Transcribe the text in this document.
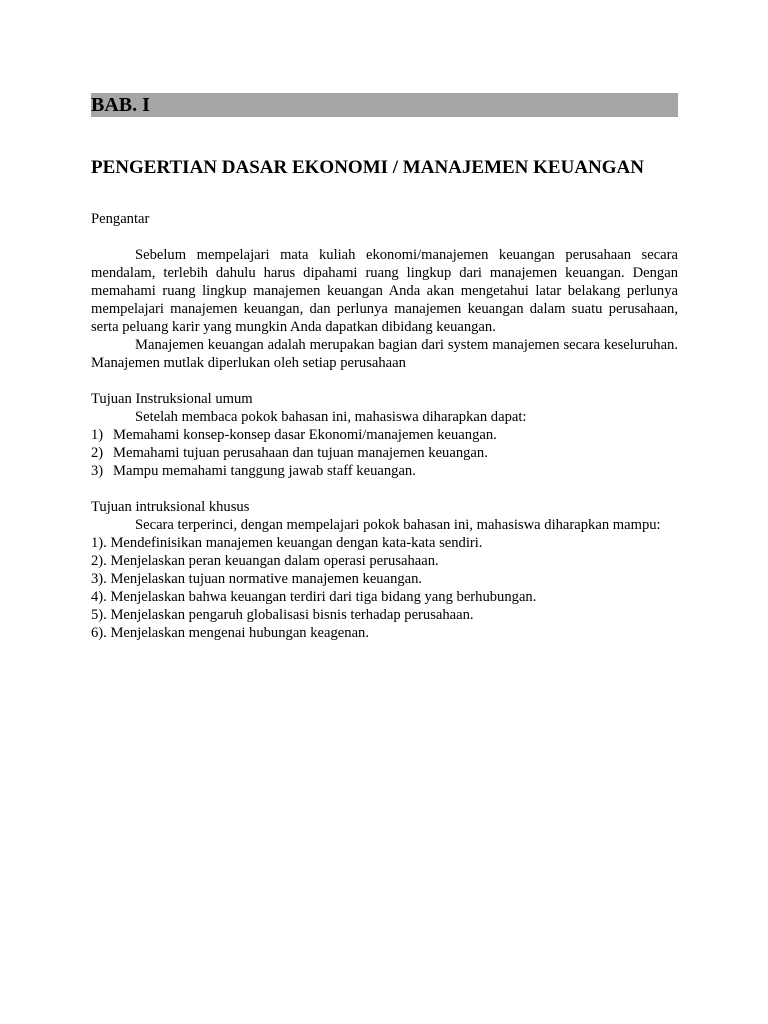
BAB. I
PENGERTIAN DASAR EKONOMI / MANAJEMEN KEUANGAN
Pengantar

Sebelum mempelajari mata kuliah ekonomi/manajemen keuangan perusahaan secara mendalam, terlebih dahulu harus dipahami ruang lingkup dari manajemen keuangan. Dengan memahami ruang lingkup manajemen keuangan Anda akan mengetahui latar belakang perlunya mempelajari manajemen keuangan, dan perlunya manajemen keuangan dalam suatu perusahaan, serta peluang karir yang mungkin Anda dapatkan dibidang keuangan.

Manajemen keuangan adalah merupakan bagian dari system manajemen secara keseluruhan. Manajemen mutlak diperlukan oleh setiap perusahaan

Tujuan Instruksional umum

Setelah membaca pokok bahasan ini, mahasiswa diharapkan dapat:

1) Memahami konsep-konsep dasar Ekonomi/manajemen keuangan.
2) Memahami tujuan perusahaan dan tujuan manajemen keuangan.
3) Mampu memahami tanggung jawab staff keuangan.
Tujuan intruksional khusus

Secara terperinci, dengan mempelajari pokok bahasan ini, mahasiswa diharapkan mampu:

1). Mendefinisikan manajemen keuangan dengan kata-kata sendiri.
2). Menjelaskan peran keuangan dalam operasi perusahaan.
3). Menjelaskan tujuan normative manajemen keuangan.
4). Menjelaskan bahwa keuangan terdiri dari tiga bidang yang berhubungan.
5). Menjelaskan pengaruh globalisasi bisnis terhadap perusahaan.
6). Menjelaskan mengenai hubungan keagenan.
